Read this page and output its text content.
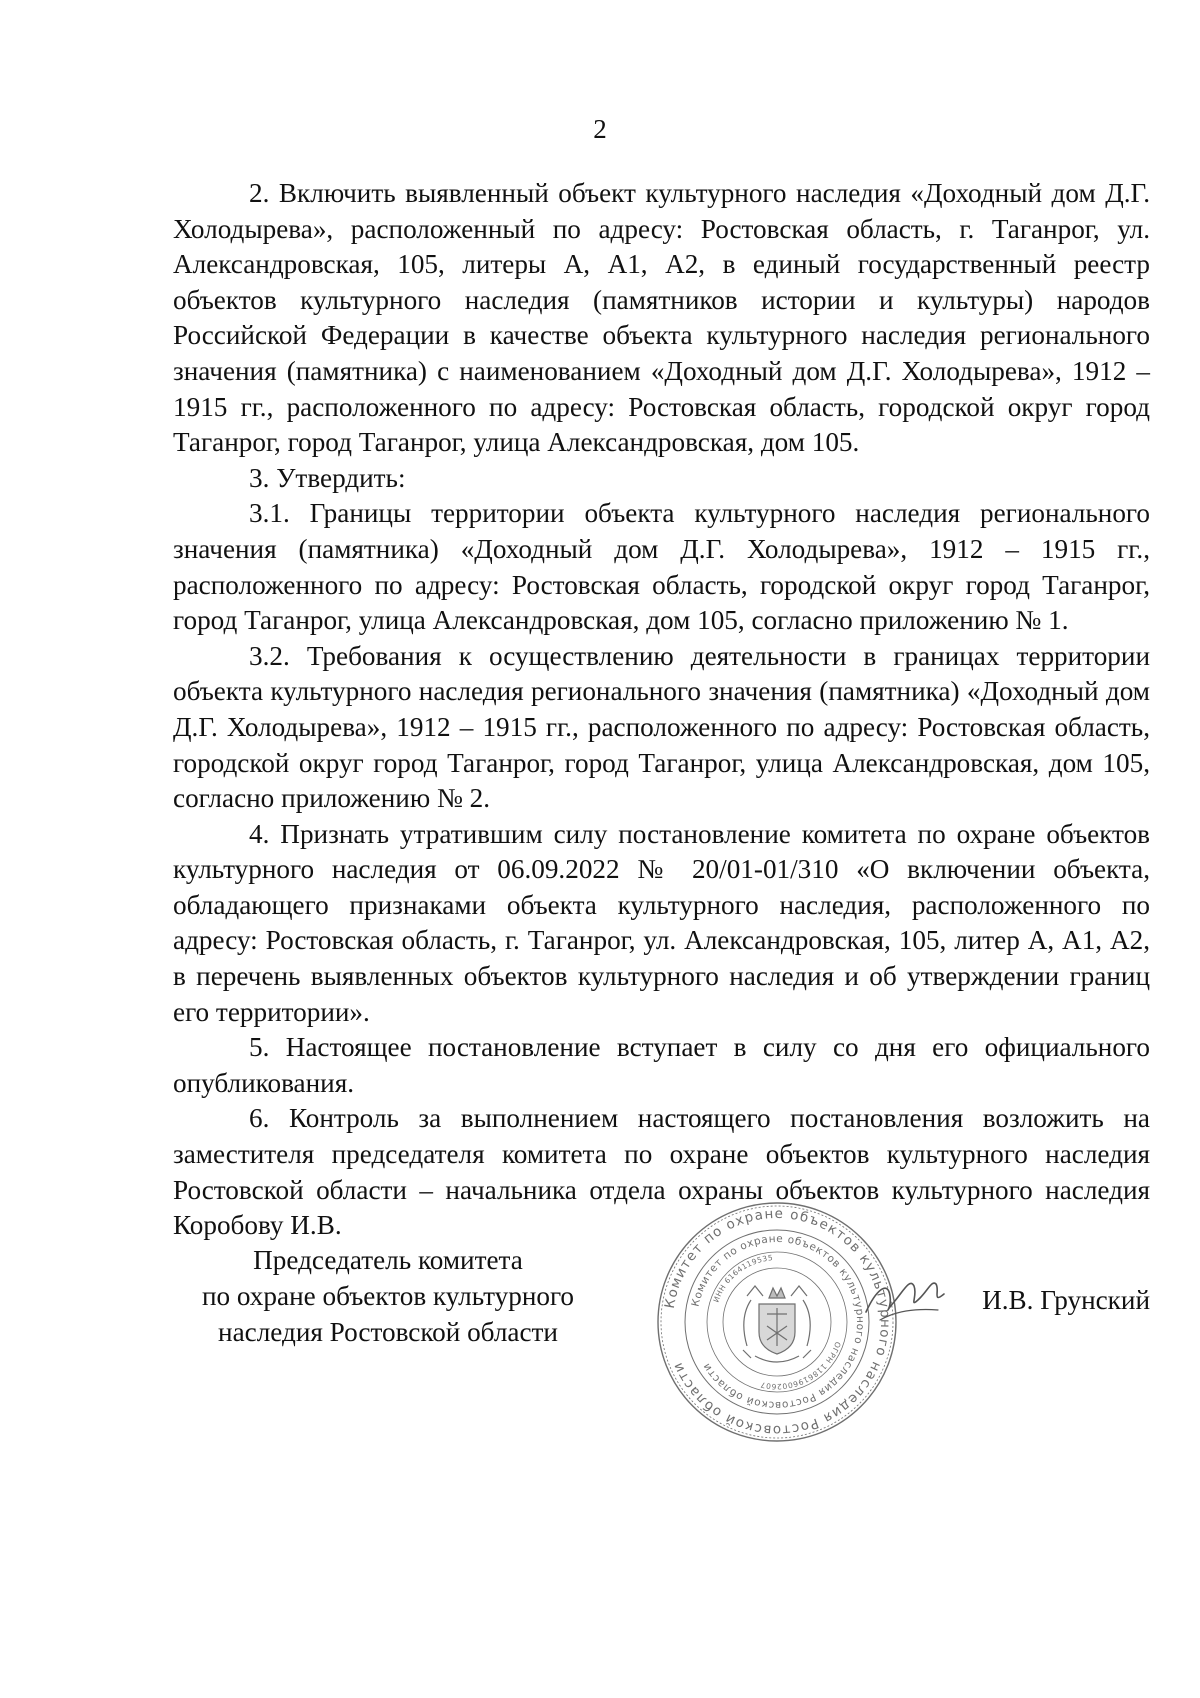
2

2. Включить выявленный объект культурного наследия «Доходный дом Д.Г. Холодырева», расположенный по адресу: Ростовская область, г. Таганрог, ул. Александровская, 105, литеры А, А1, А2, в единый государственный реестр объектов культурного наследия (памятников истории и культуры) народов Российской Федерации в качестве объекта культурного наследия регионального значения (памятника) с наименованием «Доходный дом Д.Г. Холодырева», 1912 – 1915 гг., расположенного по адресу: Ростовская область, городской округ город Таганрог, город Таганрог, улица Александровская, дом 105.

3. Утвердить:

3.1. Границы территории объекта культурного наследия регионального значения (памятника) «Доходный дом Д.Г. Холодырева», 1912 – 1915 гг., расположенного по адресу: Ростовская область, городской округ город Таганрог, город Таганрог, улица Александровская, дом 105, согласно приложению № 1.

3.2. Требования к осуществлению деятельности в границах территории объекта культурного наследия регионального значения (памятника) «Доходный дом Д.Г. Холодырева», 1912 – 1915 гг., расположенного по адресу: Ростовская область, городской округ город Таганрог, город Таганрог, улица Александровская, дом 105, согласно приложению № 2.

4. Признать утратившим силу постановление комитета по охране объектов культурного наследия от 06.09.2022 № 20/01-01/310 «О включении объекта, обладающего признаками объекта культурного наследия, расположенного по адресу: Ростовская область, г. Таганрог, ул. Александровская, 105, литер А, А1, А2, в перечень выявленных объектов культурного наследия и об утверждении границ его территории».

5. Настоящее постановление вступает в силу со дня его официального опубликования.

6. Контроль за выполнением настоящего постановления возложить на заместителя председателя комитета по охране объектов культурного наследия Ростовской области – начальника отдела охраны объектов культурного наследия Коробову И.В.

Председатель комитета
по охране объектов культурного
наследия Ростовской области
Комитет по охране объектов культурного наследия Ростовской области
Комитет по охране объектов культурного наследия Ростовской области
ИНН 6164119535
ОГРН 1186196002607
И.В. Грунский
